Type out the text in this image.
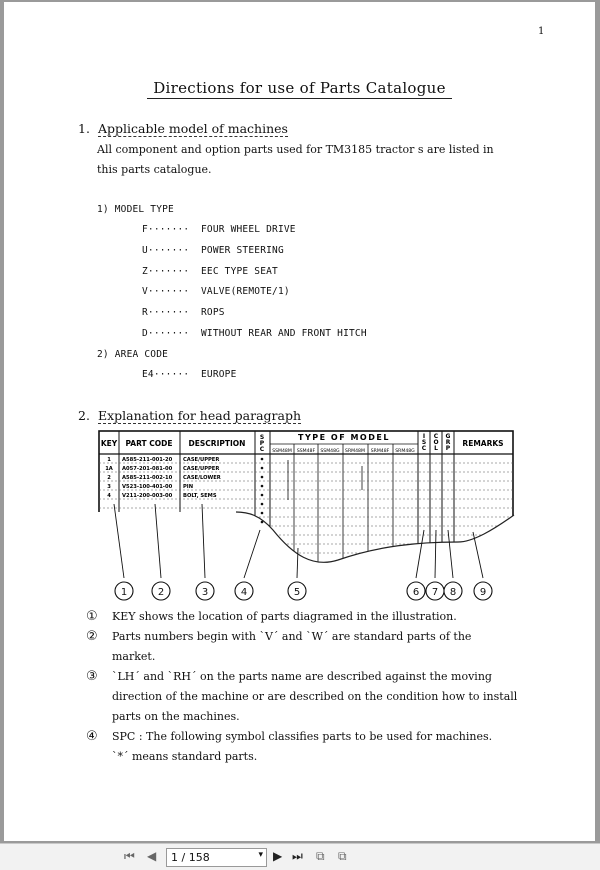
1
Directions for use of Parts Catalogue
1. Applicable model of machines
All component and option parts used for TM3185 tractor s are listed in
this parts catalogue.
1) MODEL TYPE
F······· FOUR WHEEL DRIVE
U······· POWER STEERING
Z······· EEC TYPE SEAT
V······· VALVE(REMOTE/1)
R······· ROPS
D······· WITHOUT REAR AND FRONT HITCH
2) AREA CODE
E4······ EUROPE
2. Explanation for head paragraph
KEY PART CODE DESCRIPTION
S P C
TYPE OF MODEL
SSM48M SSM48F SSM48G SRM48M SRM48F SRM48G
I S C
C O L
G R P
REMARKS
1 A585-211-001-20 CASE/UPPER
1A A057-201-081-00 CASE/UPPER
2 A585-211-002-10 CASE/LOWER
3 V523-100-401-00 PIN
4 V211-200-003-00 BOLT, SEMS
1	2	3	4	5	6 7 8 9
① KEY shows the location of parts diagramed in the illustration.
② Parts numbers begin with `V´ and `W´ are standard parts of the
market.
③ `LH´ and `RH´ on the parts name are described against the moving
direction of the machine or are described on the condition how to install
parts on the machines.
④ SPC : The following symbol classifies parts to be used for machines.
`*´ means standard parts.
⏮ ◀ 1 / 158	▾ ▶ ⏭ ⧉ ⧉
